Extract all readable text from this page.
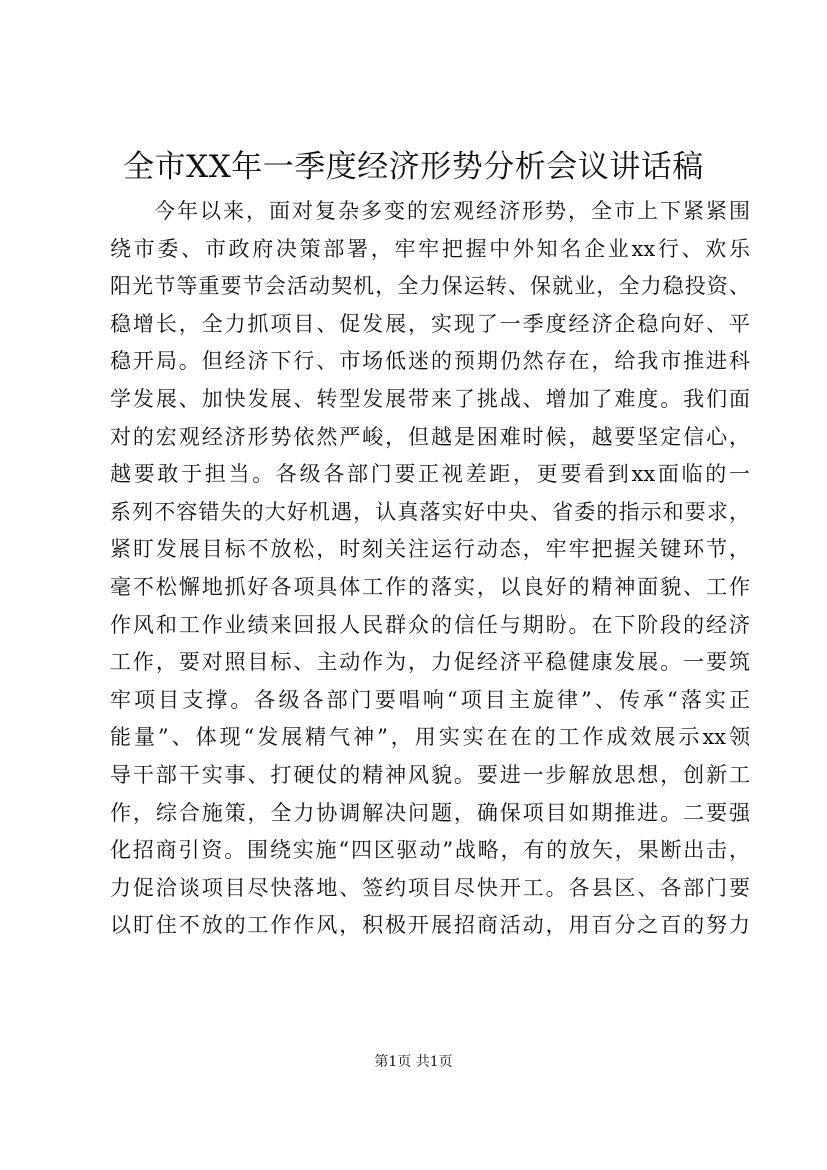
全市XX年一季度经济形势分析会议讲话稿
今年以来，面对复杂多变的宏观经济形势，全市上下紧紧围
绕市委、市政府决策部署，牢牢把握中外知名企业xx行、欢乐
阳光节等重要节会活动契机，全力保运转、保就业，全力稳投资、
稳增长，全力抓项目、促发展，实现了一季度经济企稳向好、平
稳开局。但经济下行、市场低迷的预期仍然存在，给我市推进科
学发展、加快发展、转型发展带来了挑战、增加了难度。我们面
对的宏观经济形势依然严峻，但越是困难时候，越要坚定信心，
越要敢于担当。各级各部门要正视差距，更要看到xx面临的一
系列不容错失的大好机遇，认真落实好中央、省委的指示和要求，
紧盯发展目标不放松，时刻关注运行动态，牢牢把握关键环节，
毫不松懈地抓好各项具体工作的落实，以良好的精神面貌、工作
作风和工作业绩来回报人民群众的信任与期盼。在下阶段的经济
工作，要对照目标、主动作为，力促经济平稳健康发展。一要筑
牢项目支撑。各级各部门要唱响“项目主旋律”、传承“落实正
能量”、体现“发展精气神”，用实实在在的工作成效展示xx领
导干部干实事、打硬仗的精神风貌。要进一步解放思想，创新工
作，综合施策，全力协调解决问题，确保项目如期推进。二要强
化招商引资。围绕实施“四区驱动”战略，有的放矢，果断出击，
力促洽谈项目尽快落地、签约项目尽快开工。各县区、各部门要
以盯住不放的工作作风，积极开展招商活动，用百分之百的努力
第1页 共1页
